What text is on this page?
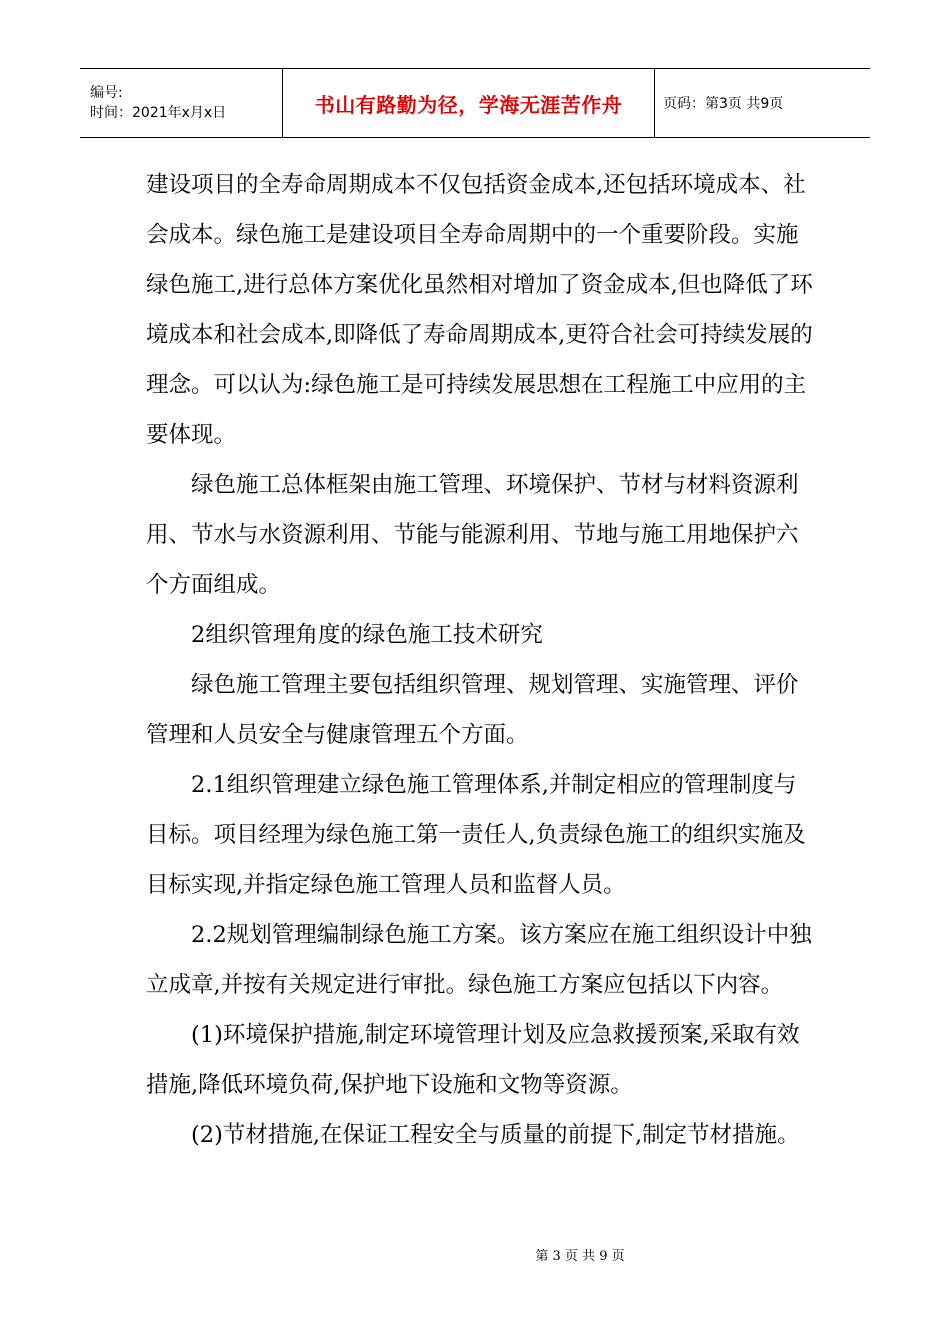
编号:
时间：2021年x月x日	书山有路勤为径，学海无涯苦作舟	页码：第3页 共9页

建设项目的全寿命周期成本不仅包括资金成本,还包括环境成本、社会成本。绿色施工是建设项目全寿命周期中的一个重要阶段。实施绿色施工,进行总体方案优化虽然相对增加了资金成本,但也降低了环境成本和社会成本,即降低了寿命周期成本,更符合社会可持续发展的理念。可以认为:绿色施工是可持续发展思想在工程施工中应用的主要体现。

绿色施工总体框架由施工管理、环境保护、节材与材料资源利用、节水与水资源利用、节能与能源利用、节地与施工用地保护六个方面组成。

2组织管理角度的绿色施工技术研究

绿色施工管理主要包括组织管理、规划管理、实施管理、评价管理和人员安全与健康管理五个方面。

2.1组织管理建立绿色施工管理体系,并制定相应的管理制度与目标。项目经理为绿色施工第一责任人,负责绿色施工的组织实施及目标实现,并指定绿色施工管理人员和监督人员。

2.2规划管理编制绿色施工方案。该方案应在施工组织设计中独立成章,并按有关规定进行审批。绿色施工方案应包括以下内容。

(1)环境保护措施,制定环境管理计划及应急救援预案,采取有效措施,降低环境负荷,保护地下设施和文物等资源。

(2)节材措施,在保证工程安全与质量的前提下,制定节材措施。

第 3 页 共 9 页
